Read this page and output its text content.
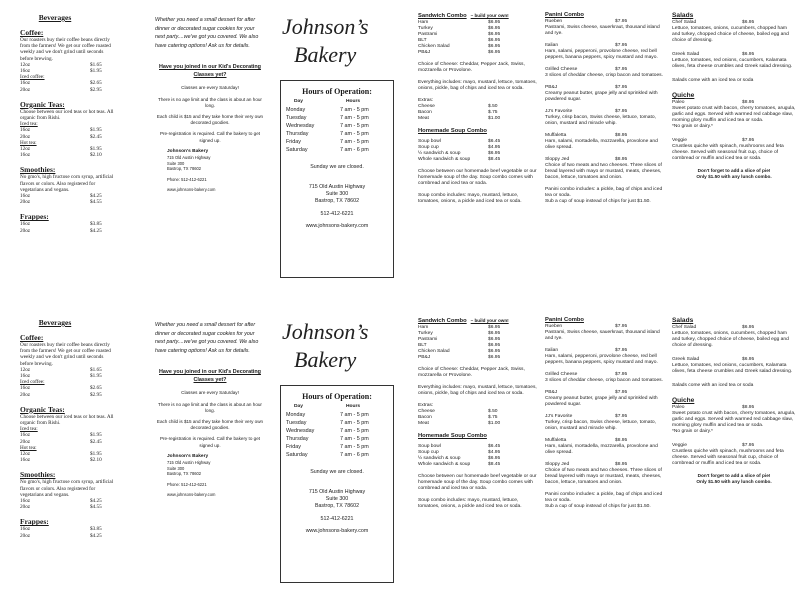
Beverages
Coffee:

Our roasters buy their coffee beans directly from the farmers! We get our coffee roasted weekly and we don't grind until seconds before brewing.

12oz	$1.65
16oz	$1.95
Iced coffee:
16oz	$2.65
20oz	$2.95
Organic Teas:

Choose between our iced teas or hot teas. All organic from Rishi.

Iced tea:
16oz	$1.95
20oz	$2.45
Hot tea:
12oz	$1.95
16oz	$2.10
Smoothies:

No gmo's, high fructose corn syrup, artificial flavors or colors. Also registered for vegetarians and vegans.

16oz	$4.25
20oz	$4.55
Frappes:
16oz	$3.85
20oz	$4.25
Whether you need a small dessert for after dinner or decorated sugar cookies for your next party....we've got you covered. We also have catering options! Ask us for details.
Have you joined in our Kid's Decorating Classes yet?
Classes are every Saturday!
There is no age limit and the class is about an hour long.
Each child is $15 and they take home their very own decorated goodies.
Pre-registration is required. Call the bakery to get signed up.
Johnson's Bakery
715 Old Austin Highway
Suite 300
Bastrop, TX 78602
Phone: 512-412-6221
www.johnsons-bakery.com
Johnson’s
Bakery
Hours of Operation:
Day	Hours
Monday	7 am - 5 pm
Tuesday	7 am - 5 pm
Wednesday	7 am - 5 pm
Thursday	7 am - 5 pm
Friday	7 am - 5 pm
Saturday	7 am - 6 pm
Sunday we are closed.
715 Old Austin Highway
Suite 300
Bastrop, TX 78602
512-412-6221
www.johnsons-bakery.com
Sandwich Combo – build your own!
Ham	$6.95
Turkey	$6.95
Pastrami	$6.95
BLT	$6.95
Chicken Salad	$6.95
PB&J	$6.95

Choice of Cheese: Cheddar, Pepper Jack, Swiss, mozzarella or Provolone.

Everything includes: mayo, mustard, lettuce, tomatoes, onions, pickle, bag of chips and iced tea or soda.

Extras:
Cheese	$.50
Bacon	$.75
Meat	$1.00
Homemade Soup Combo
Soup bowl	$6.45
Soup cup	$4.95
½ sandwich & soup	$6.95
Whole sandwich & soup	$8.45

Choose between our homemade beef vegetable or our homemade soup of the day. Soup combo comes with cornbread and iced tea or soda.

Soup combo includes: mayo, mustard, lettuce, tomatoes, onions, a pickle and iced tea or soda.

Panini Combo
Rueben	$7.95

Pastrami, Swiss cheese, sauerkraut, thousand island and rye.

Italian	$7.95

Ham, salami, pepperoni, provolone cheese, red bell peppers, banana peppers, spicy mustard and mayo.

Grilled Cheese	$7.95

3 slices of cheddar cheese, crisp bacon and tomatoes.

PB&J	$7.95

Creamy peanut butter, grape jelly and sprinkled with powdered sugar.

JJ's Favorite	$7.95

Turkey, crisp bacon, Swiss cheese, lettuce, tomato, onion, mustard and miracle whip.

Muffaletta	$8.95

Ham, salami, mortadella, mozzarella, provolone and olive spread.

Sloppy Jed	$8.95

Choice of two meats and two cheeses. Three slices of bread layered with mayo or mustard, meats, cheeses, bacon, lettuce, tomatoes and onion.

Panini combo includes: a pickle, bag of chips and iced tea or soda.

Sub a cup of soup instead of chips for just $1.50.

Salads
Chef Salad	$6.95

Lettuce, tomatoes, onions, cucumbers, chopped ham and turkey, chopped choice of cheese, boiled egg and choice of dressing.

Greek Salad	$6.95

Lettuce, tomatoes, red onions, cucumbers, Kalamata olives, feta cheese crumbles and Greek salad dressing.

Salads come with an iced tea or soda

Quiche
Paleo	$8.95

Sweet potato crust with bacon, cherry tomatoes, arugula, garlic and eggs. Served with warmed red cabbage slaw, morning glory muffin and iced tea or soda.

*No grain or dairy.*

Veggie	$7.95

Crustless quiche with spinach, mushrooms and feta cheese. Served with seasonal fruit cup, choice of cornbread or muffin and iced tea or soda.

Don't forget to add a slice of pie!
Only $1.50 with any lunch combo.
Beverages
Coffee:

Our roasters buy their coffee beans directly from the farmers! We get our coffee roasted weekly and we don't grind until seconds before brewing.

12oz	$1.65
16oz	$1.95
Iced coffee:
16oz	$2.65
20oz	$2.95
Organic Teas:

Choose between our iced teas or hot teas. All organic from Rishi.

Iced tea:
16oz	$1.95
20oz	$2.45
Hot tea:
12oz	$1.95
16oz	$2.10
Smoothies:

No gmo's, high fructose corn syrup, artificial flavors or colors. Also registered for vegetarians and vegans.

16oz	$4.25
20oz	$4.55
Frappes:
16oz	$3.85
20oz	$4.25
Whether you need a small dessert for after dinner or decorated sugar cookies for your next party....we've got you covered. We also have catering options! Ask us for details.
Have you joined in our Kid's Decorating Classes yet?
Classes are every Saturday!
There is no age limit and the class is about an hour long.
Each child is $15 and they take home their very own decorated goodies.
Pre-registration is required. Call the bakery to get signed up.
Johnson's Bakery
715 Old Austin Highway
Suite 300
Bastrop, TX 78602
Phone: 512-412-6221
www.johnsons-bakery.com
Johnson’s
Bakery
Hours of Operation:
Day	Hours
Monday	7 am - 5 pm
Tuesday	7 am - 5 pm
Wednesday	7 am - 5 pm
Thursday	7 am - 5 pm
Friday	7 am - 5 pm
Saturday	7 am - 6 pm
Sunday we are closed.
715 Old Austin Highway
Suite 300
Bastrop, TX 78602
512-412-6221
www.johnsons-bakery.com
Sandwich Combo – build your own!
Ham	$6.95
Turkey	$6.95
Pastrami	$6.95
BLT	$6.95
Chicken Salad	$6.95
PB&J	$6.95

Choice of Cheese: Cheddar, Pepper Jack, Swiss, mozzarella or Provolone.

Everything includes: mayo, mustard, lettuce, tomatoes, onions, pickle, bag of chips and iced tea or soda.

Extras:
Cheese	$.50
Bacon	$.75
Meat	$1.00
Homemade Soup Combo
Soup bowl	$6.45
Soup cup	$4.95
½ sandwich & soup	$6.95
Whole sandwich & soup	$8.45

Choose between our homemade beef vegetable or our homemade soup of the day. Soup combo comes with cornbread and iced tea or soda.

Soup combo includes: mayo, mustard, lettuce, tomatoes, onions, a pickle and iced tea or soda.

Panini Combo
Rueben	$7.95

Pastrami, Swiss cheese, sauerkraut, thousand island and rye.

Italian	$7.95

Ham, salami, pepperoni, provolone cheese, red bell peppers, banana peppers, spicy mustard and mayo.

Grilled Cheese	$7.95

3 slices of cheddar cheese, crisp bacon and tomatoes.

PB&J	$7.95

Creamy peanut butter, grape jelly and sprinkled with powdered sugar.

JJ's Favorite	$7.95

Turkey, crisp bacon, Swiss cheese, lettuce, tomato, onion, mustard and miracle whip.

Muffaletta	$8.95

Ham, salami, mortadella, mozzarella, provolone and olive spread.

Sloppy Jed	$8.95

Choice of two meats and two cheeses. Three slices of bread layered with mayo or mustard, meats, cheeses, bacon, lettuce, tomatoes and onion.

Panini combo includes: a pickle, bag of chips and iced tea or soda.

Sub a cup of soup instead of chips for just $1.50.

Salads
Chef Salad	$6.95

Lettuce, tomatoes, onions, cucumbers, chopped ham and turkey, chopped choice of cheese, boiled egg and choice of dressing.

Greek Salad	$6.95

Lettuce, tomatoes, red onions, cucumbers, Kalamata olives, feta cheese crumbles and Greek salad dressing.

Salads come with an iced tea or soda

Quiche
Paleo	$8.95

Sweet potato crust with bacon, cherry tomatoes, arugula, garlic and eggs. Served with warmed red cabbage slaw, morning glory muffin and iced tea or soda.

*No grain or dairy.*

Veggie	$7.95

Crustless quiche with spinach, mushrooms and feta cheese. Served with seasonal fruit cup, choice of cornbread or muffin and iced tea or soda.

Don't forget to add a slice of pie!
Only $1.50 with any lunch combo.
